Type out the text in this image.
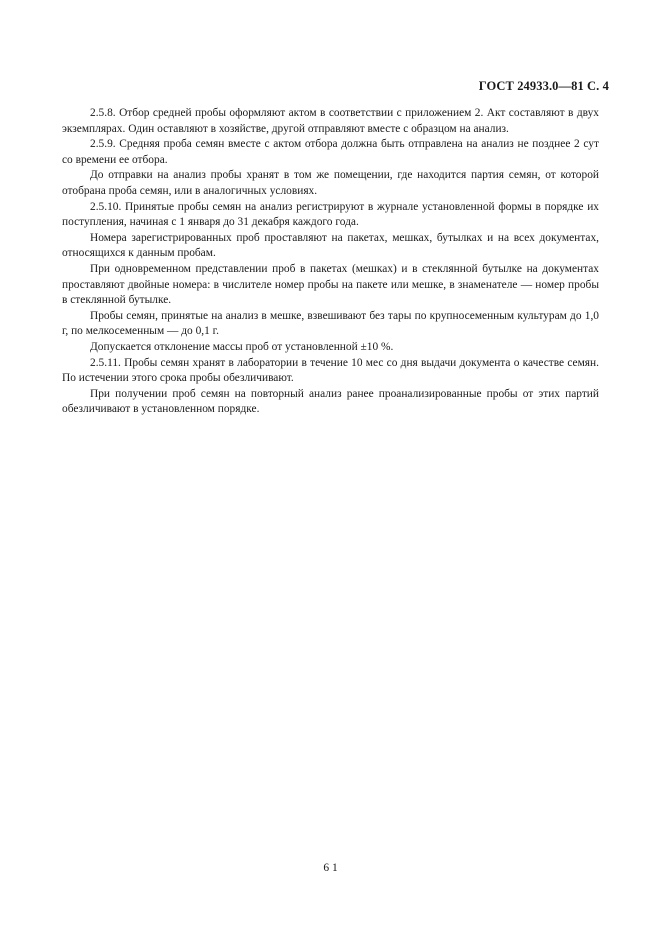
ГОСТ 24933.0—81 С. 4

2.5.8. Отбор средней пробы оформляют актом в соответствии с приложением 2. Акт составляют в двух экземплярах. Один оставляют в хозяйстве, другой отправляют вместе с образцом на анализ.

2.5.9. Средняя проба семян вместе с актом отбора должна быть отправлена на анализ не позднее 2 сут со времени ее отбора.

До отправки на анализ пробы хранят в том же помещении, где находится партия семян, от которой отобрана проба семян, или в аналогичных условиях.

2.5.10. Принятые пробы семян на анализ регистрируют в журнале установленной формы в порядке их поступления, начиная с 1 января до 31 декабря каждого года.

Номера зарегистрированных проб проставляют на пакетах, мешках, бутылках и на всех документах, относящихся к данным пробам.

При одновременном представлении проб в пакетах (мешках) и в стеклянной бутылке на документах проставляют двойные номера: в числителе номер пробы на пакете или мешке, в знаменателе — номер пробы в стеклянной бутылке.

Пробы семян, принятые на анализ в мешке, взвешивают без тары по крупносеменным культурам до 1,0 г, по мелкосеменным — до 0,1 г.

Допускается отклонение массы проб от установленной ±10 %.

2.5.11. Пробы семян хранят в лаборатории в течение 10 мес со дня выдачи документа о качестве семян. По истечении этого срока пробы обезличивают.

При получении проб семян на повторный анализ ранее проанализированные пробы от этих партий обезличивают в установленном порядке.

6 1
